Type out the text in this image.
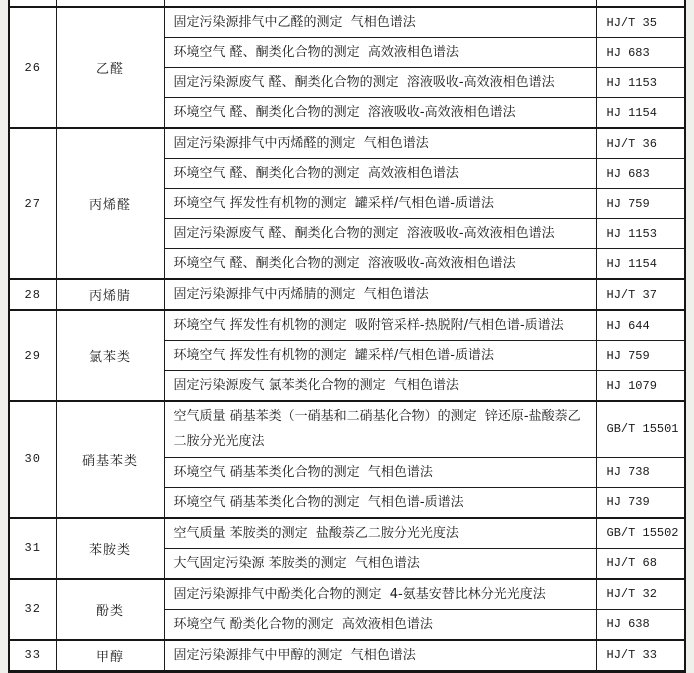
26	乙醛	固定污染源排气中乙醛的测定  气相色谱法	HJ/T 35
		环境空气 醛、酮类化合物的测定  高效液相色谱法	HJ 683
		固定污染源废气 醛、酮类化合物的测定  溶液吸收-高效液相色谱法	HJ 1153
		环境空气 醛、酮类化合物的测定  溶液吸收-高效液相色谱法	HJ 1154
27	丙烯醛	固定污染源排气中丙烯醛的测定  气相色谱法	HJ/T 36
		环境空气 醛、酮类化合物的测定  高效液相色谱法	HJ 683
		环境空气 挥发性有机物的测定  罐采样/气相色谱-质谱法	HJ 759
		固定污染源废气 醛、酮类化合物的测定  溶液吸收-高效液相色谱法	HJ 1153
		环境空气 醛、酮类化合物的测定  溶液吸收-高效液相色谱法	HJ 1154
28	丙烯腈	固定污染源排气中丙烯腈的测定  气相色谱法	HJ/T 37
29	氯苯类	环境空气 挥发性有机物的测定  吸附管采样-热脱附/气相色谱-质谱法	HJ 644
		环境空气 挥发性有机物的测定  罐采样/气相色谱-质谱法	HJ 759
		固定污染源废气 氯苯类化合物的测定  气相色谱法	HJ 1079
30	硝基苯类	空气质量 硝基苯类（一硝基和二硝基化合物）的测定  锌还原-盐酸萘乙二胺分光光度法	GB/T 15501
		环境空气 硝基苯类化合物的测定  气相色谱法	HJ 738
		环境空气 硝基苯类化合物的测定  气相色谱-质谱法	HJ 739
31	苯胺类	空气质量 苯胺类的测定  盐酸萘乙二胺分光光度法	GB/T 15502
		大气固定污染源 苯胺类的测定  气相色谱法	HJ/T 68
32	酚类	固定污染源排气中酚类化合物的测定  4-氨基安替比林分光光度法	HJ/T 32
		环境空气 酚类化合物的测定  高效液相色谱法	HJ 638
33	甲醇	固定污染源排气中甲醇的测定  气相色谱法	HJ/T 33
